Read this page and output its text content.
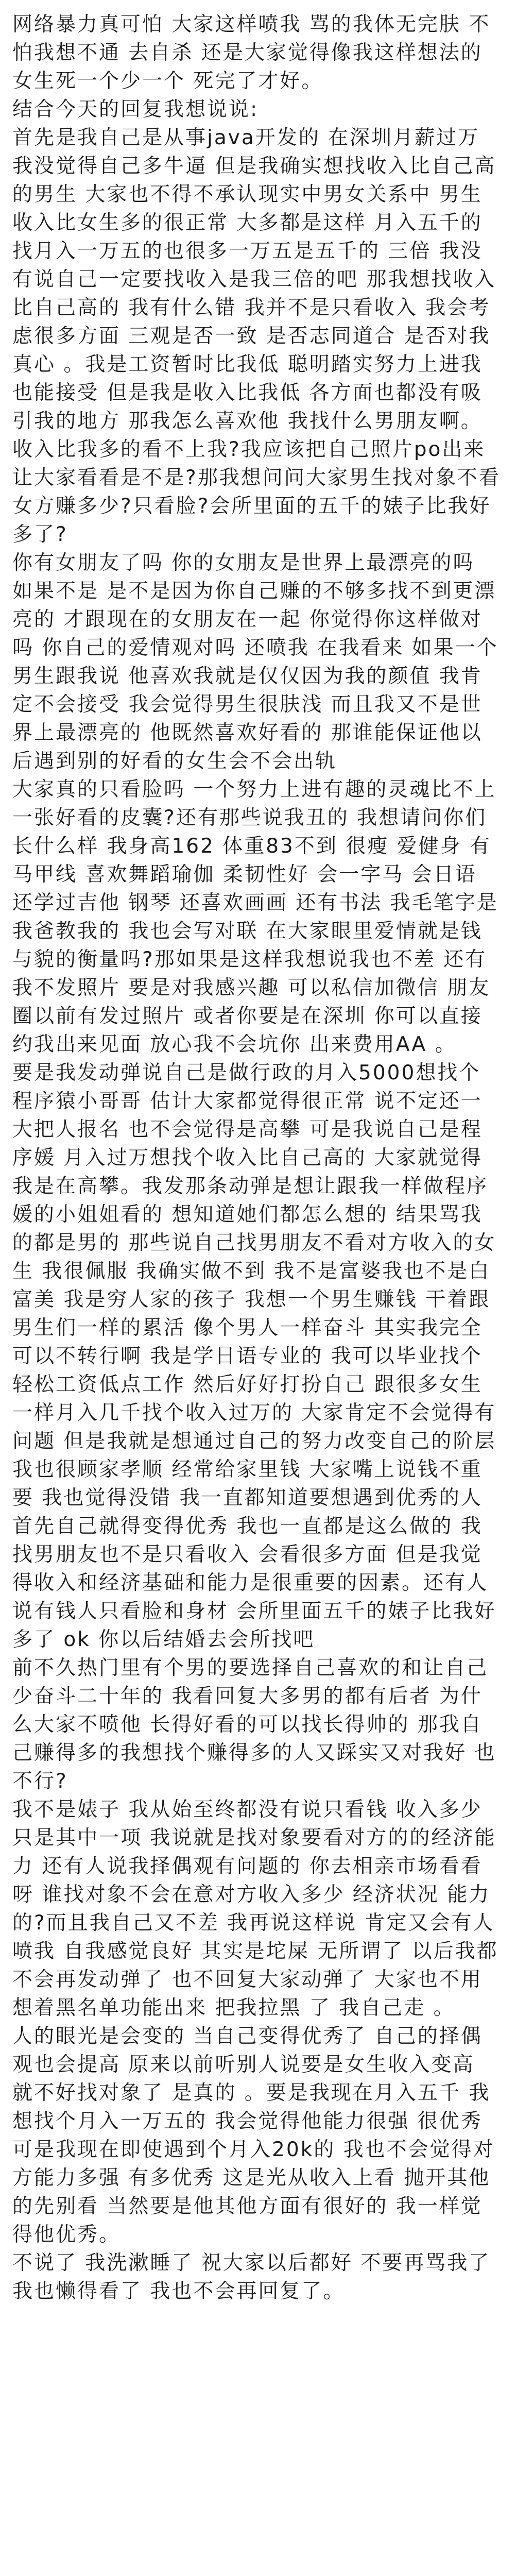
网络暴力真可怕 大家这样喷我 骂的我体无完肤 不怕我想不通 去自杀 还是大家觉得像我这样想法的女生死一个少一个 死完了才好。

结合今天的回复我想说说:

首先是我自己是从事java开发的 在深圳月薪过万 我没觉得自己多牛逼 但是我确实想找收入比自己高的男生 大家也不得不承认现实中男女关系中 男生收入比女生多的很正常 大多都是这样 月入五千的找月入一万五的也很多一万五是五千的 三倍 我没有说自己一定要找收入是我三倍的吧 那我想找收入比自己高的 我有什么错 我并不是只看收入 我会考虑很多方面 三观是否一致 是否志同道合 是否对我真心 。我是工资暂时比我低 聪明踏实努力上进我也能接受 但是我是收入比我低 各方面也都没有吸引我的地方 那我怎么喜欢他 我找什么男朋友啊。

收入比我多的看不上我?我应该把自己照片po出来让大家看看是不是?那我想问问大家男生找对象不看女方赚多少?只看脸?会所里面的五千的婊子比我好多了?

你有女朋友了吗 你的女朋友是世界上最漂亮的吗 如果不是 是不是因为你自己赚的不够多找不到更漂亮的 才跟现在的女朋友在一起 你觉得你这样做对吗 你自己的爱情观对吗 还喷我 在我看来 如果一个男生跟我说 他喜欢我就是仅仅因为我的颜值 我肯定不会接受 我会觉得男生很肤浅 而且我又不是世界上最漂亮的 他既然喜欢好看的 那谁能保证他以后遇到别的好看的女生会不会出轨

大家真的只看脸吗 一个努力上进有趣的灵魂比不上一张好看的皮囊?还有那些说我丑的 我想请问你们长什么样 我身高162 体重83不到 很瘦 爱健身 有马甲线 喜欢舞蹈瑜伽 柔韧性好 会一字马 会日语 还学过吉他 钢琴 还喜欢画画 还有书法 我毛笔字是我爸教我的 我也会写对联 在大家眼里爱情就是钱与貌的衡量吗?那如果是这样我想说我也不差 还有我不发照片 要是对我感兴趣 可以私信加微信 朋友圈以前有发过照片 或者你要是在深圳 你可以直接约我出来见面 放心我不会坑你 出来费用AA 。

要是我发动弹说自己是做行政的月入5000想找个程序猿小哥哥 估计大家都觉得很正常 说不定还一大把人报名 也不会觉得是高攀 可是我说自己是程序媛 月入过万想找个收入比自己高的 大家就觉得我是在高攀。我发那条动弹是想让跟我一样做程序媛的小姐姐看的 想知道她们都怎么想的 结果骂我的都是男的 那些说自己找男朋友不看对方收入的女生 我很佩服 我确实做不到 我不是富婆我也不是白富美 我是穷人家的孩子 我想一个男生赚钱 干着跟男生们一样的累活 像个男人一样奋斗 其实我完全可以不转行啊 我是学日语专业的 我可以毕业找个轻松工资低点工作 然后好好打扮自己 跟很多女生一样月入几千找个收入过万的 大家肯定不会觉得有问题 但是我就是想通过自己的努力改变自己的阶层 我也很顾家孝顺 经常给家里钱 大家嘴上说钱不重要 我也觉得没错 我一直都知道要想遇到优秀的人 首先自己就得变得优秀 我也一直都是这么做的 我找男朋友也不是只看收入 会看很多方面 但是我觉得收入和经济基础和能力是很重要的因素。还有人说有钱人只看脸和身材 会所里面五千的婊子比我好多了 ok 你以后结婚去会所找吧

前不久热门里有个男的要选择自己喜欢的和让自己少奋斗二十年的 我看回复大多男的都有后者 为什么大家不喷他 长得好看的可以找长得帅的 那我自己赚得多的我想找个赚得多的人又踩实又对我好 也不行?

我不是婊子 我从始至终都没有说只看钱 收入多少只是其中一项 我说就是找对象要看对方的的经济能力 还有人说我择偶观有问题的 你去相亲市场看看呀 谁找对象不会在意对方收入多少 经济状况 能力的?而且我自己又不差 我再说这样说 肯定又会有人喷我 自我感觉良好 其实是坨屎 无所谓了 以后我都不会再发动弹了 也不回复大家动弹了 大家也不用想着黑名单功能出来 把我拉黑 了 我自己走 。

人的眼光是会变的 当自己变得优秀了 自己的择偶观也会提高 原来以前听别人说要是女生收入变高 就不好找对象了 是真的 。要是我现在月入五千 我想找个月入一万五的 我会觉得他能力很强 很优秀 可是我现在即使遇到个月入20k的 我也不会觉得对方能力多强 有多优秀 这是光从收入上看 抛开其他的先别看 当然要是他其他方面有很好的 我一样觉得他优秀。

不说了 我洗漱睡了 祝大家以后都好 不要再骂我了 我也懒得看了 我也不会再回复了。
